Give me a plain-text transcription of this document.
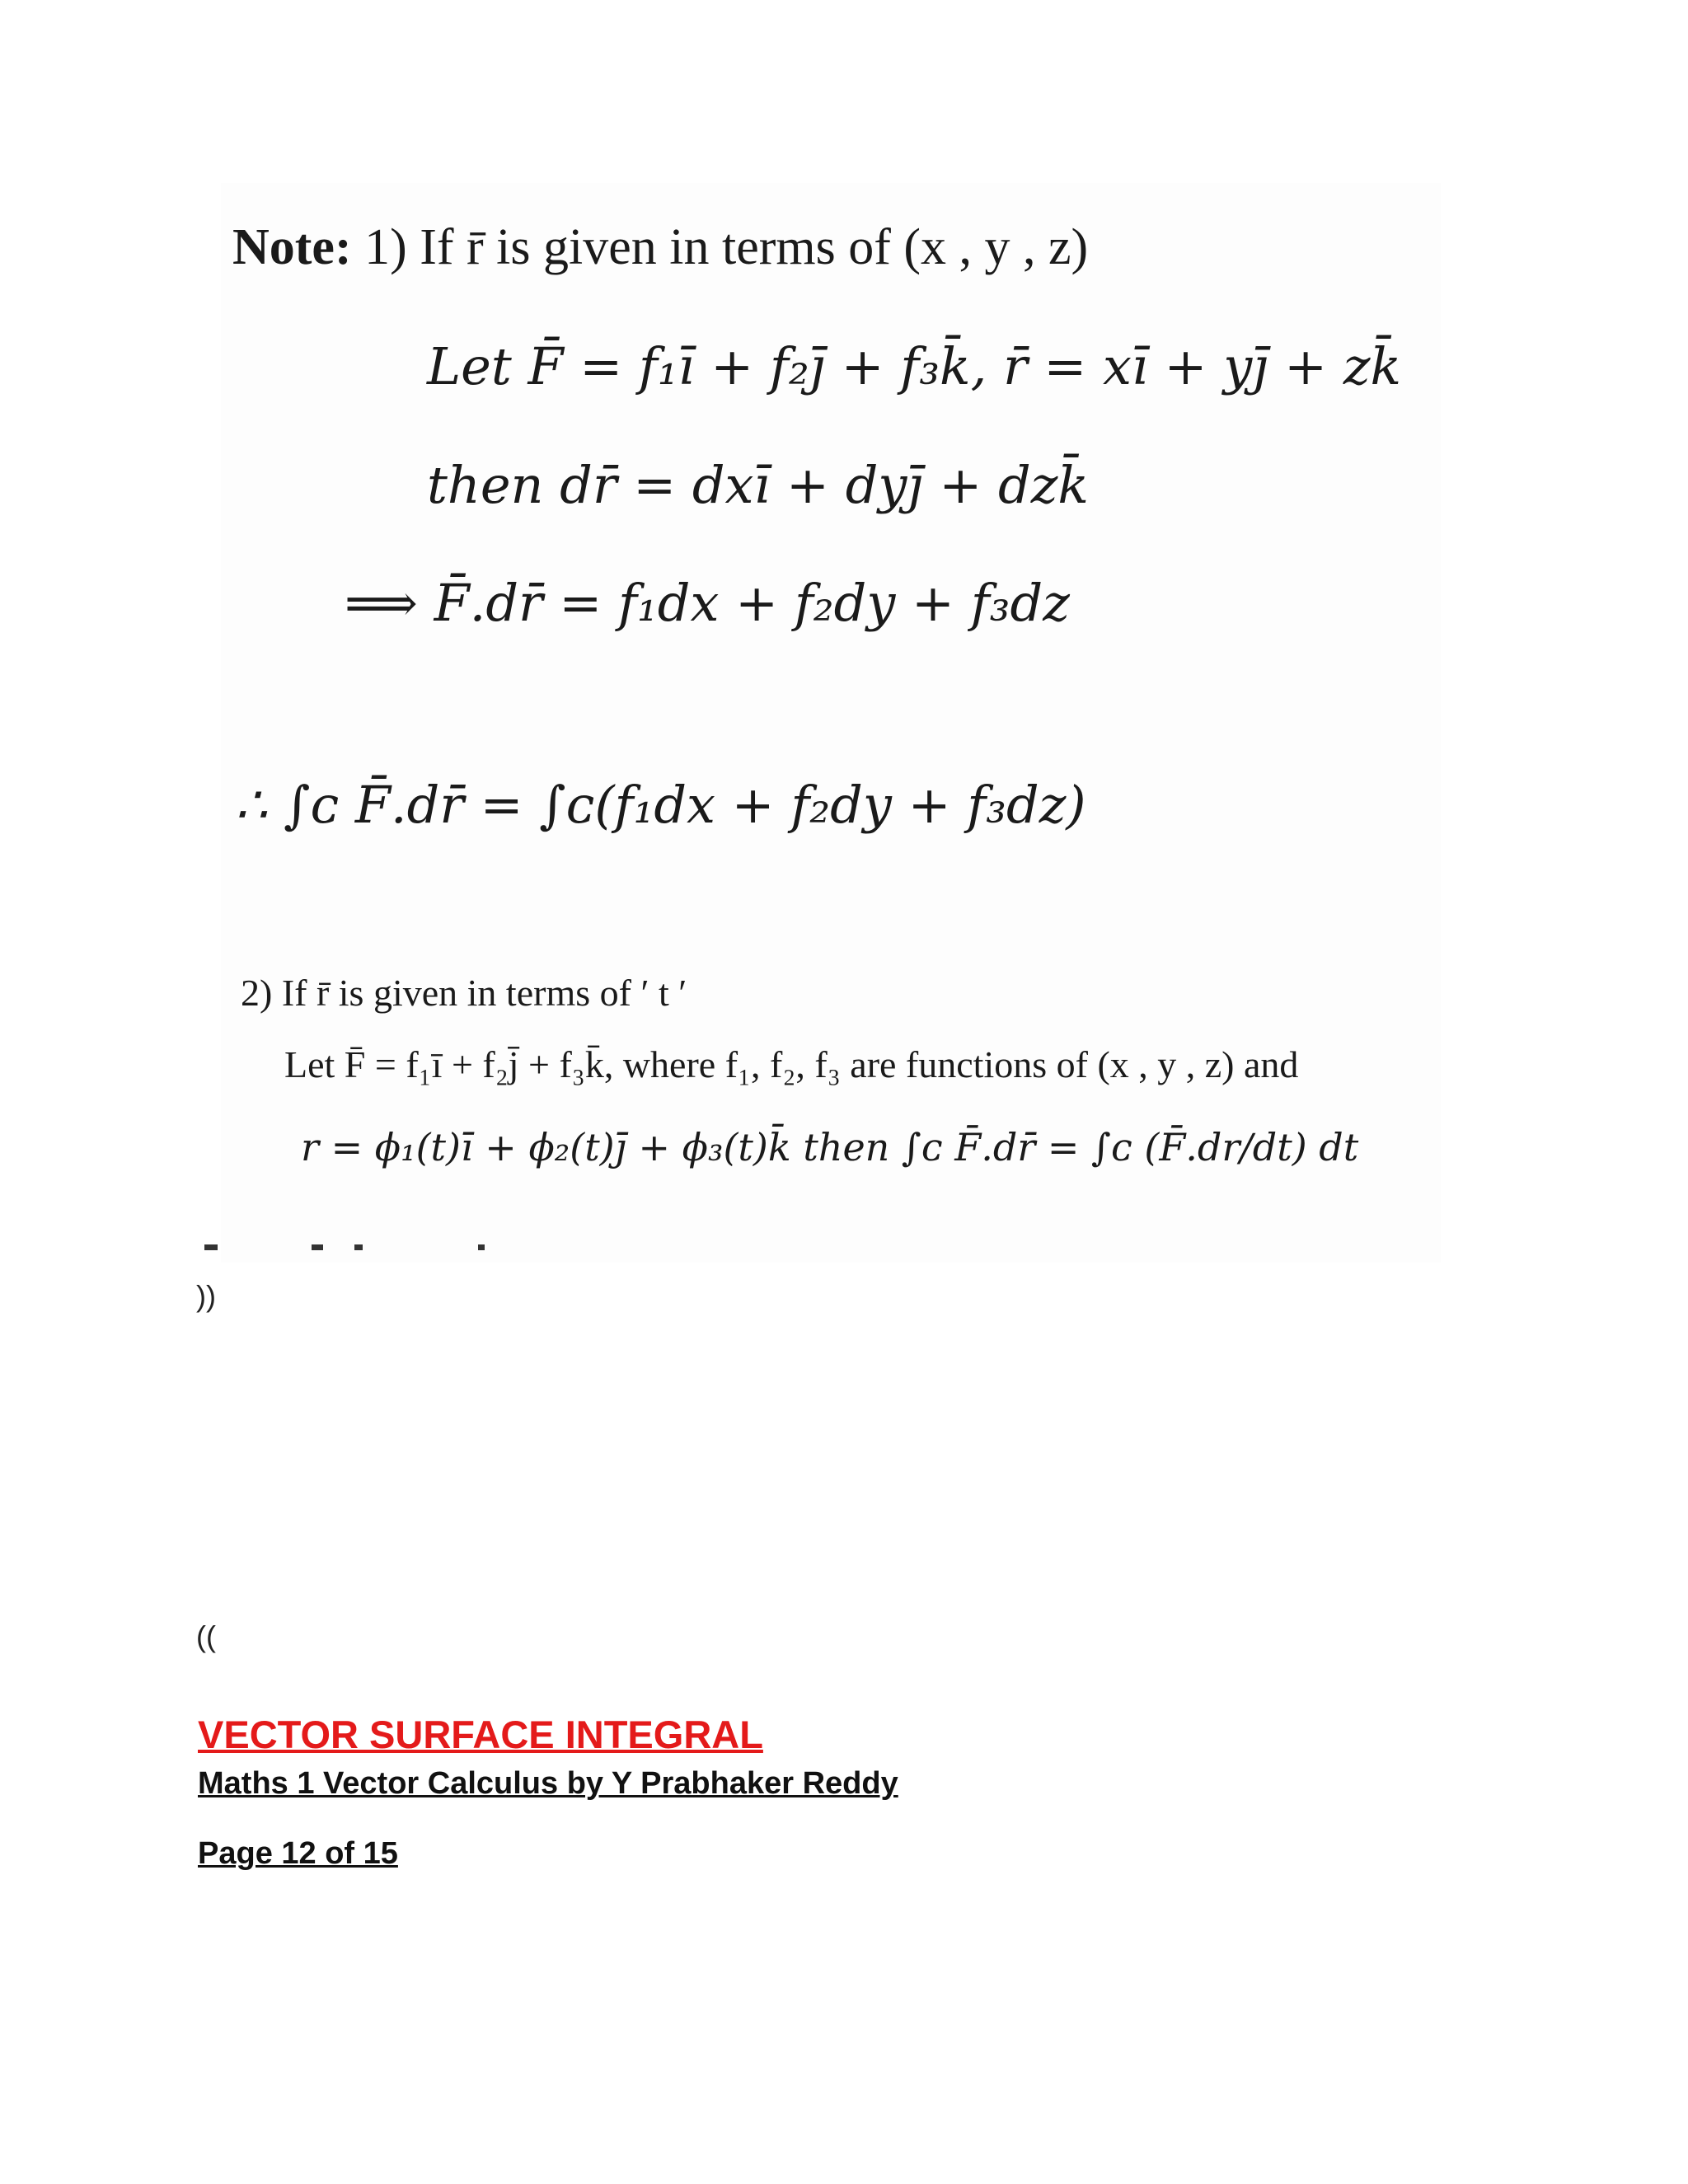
Note: 1) If r̄ is given in terms of (x , y , z)
Let F̄ = f₁ī + f₂j̄ + f₃k̄, r̄ = xī + yj̄ + zk̄
then dr̄ = dxī + dyj̄ + dzk̄
⟹ F̄.dr̄ = f₁dx + f₂dy + f₃dz
∴ ∫ᴄ F̄.dr̄ = ∫ᴄ(f₁dx + f₂dy + f₃dz)
2) If r̄ is given in terms of ′ t ′
Let F̄ = f₁ī + f₂j̄ + f₃k̄, where f₁, f₂, f₃ are functions of (x , y , z) and
r = ϕ₁(t)ī + ϕ₂(t)j̄ + ϕ₃(t)k̄ then ∫ᴄ F̄.dr̄ = ∫ᴄ (F̄.dr/dt) dt
))
((
VECTOR SURFACE INTEGRAL
Maths 1 Vector Calculus by Y Prabhaker Reddy
Page 12 of 15
